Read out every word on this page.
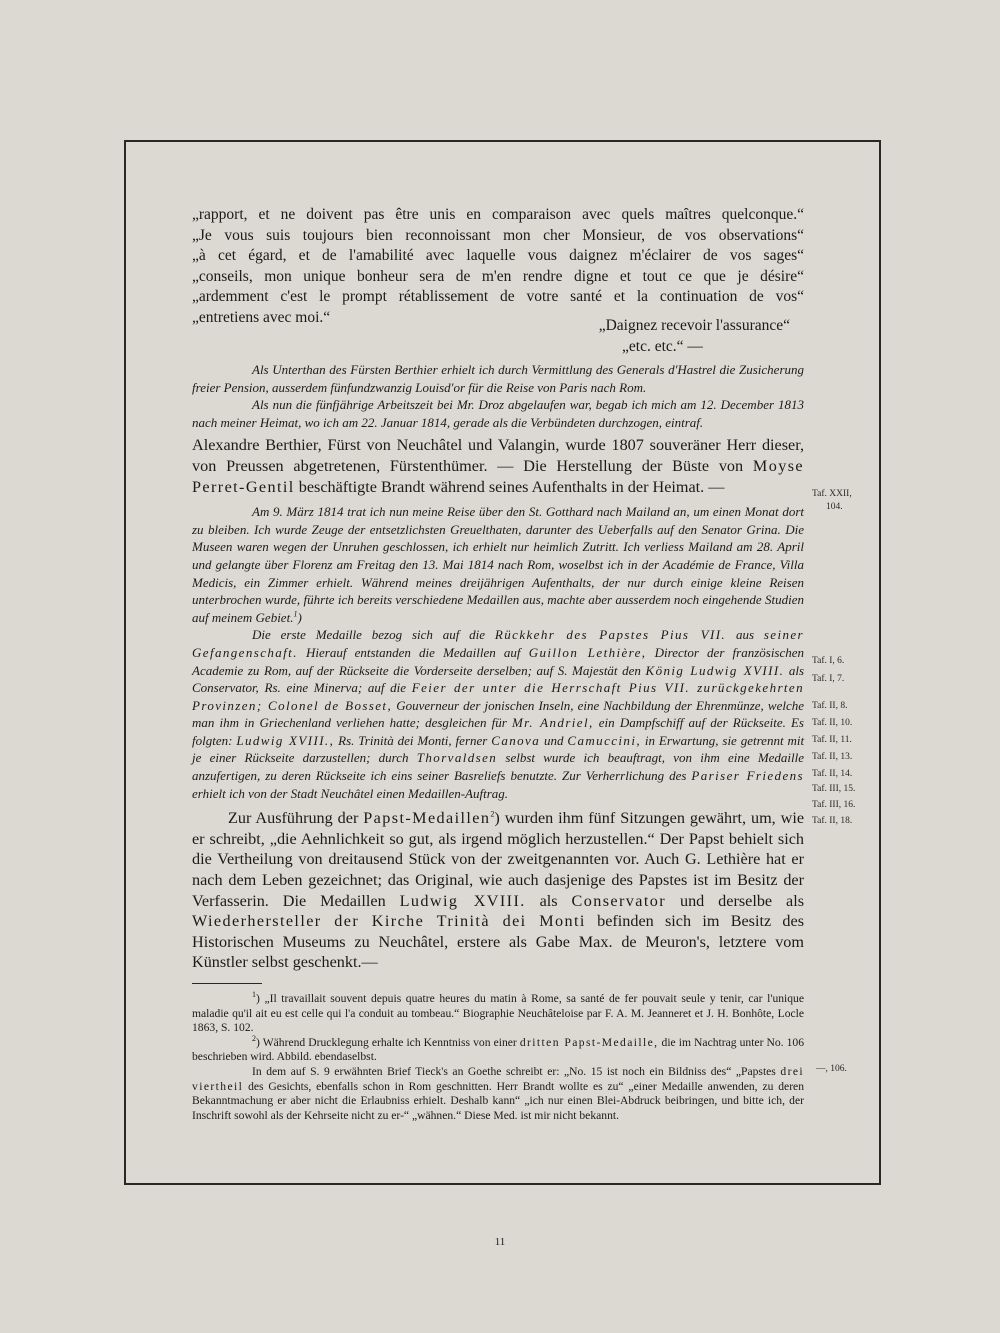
„rapport, et ne doivent pas être unis en comparaison avec quels maîtres quelconque.“
„Je vous suis toujours bien reconnoissant mon cher Monsieur, de vos observations“
„à cet égard, et de l'amabilité avec laquelle vous daignez m'éclairer de vos sages“
„conseils, mon unique bonheur sera de m'en rendre digne et tout ce que je désire“
„ardemment c'est le prompt rétablissement de votre santé et la continuation de vos“
„entretiens avec moi.“	„Daignez recevoir l'assurance“
„etc. etc.“ —

Als Unterthan des Fürsten Berthier erhielt ich durch Vermittlung des Generals d'Hastrel die Zusicherung freier Pension, ausserdem fünfundzwanzig Louisd'or für die Reise von Paris nach Rom.

Als nun die fünfjährige Arbeitszeit bei Mr. Droz abgelaufen war, begab ich mich am 12. December 1813 nach meiner Heimat, wo ich am 22. Januar 1814, gerade als die Verbündeten durchzogen, eintraf.

Alexandre Berthier, Fürst von Neuchâtel und Valangin, wurde 1807 souveräner Herr dieser, von Preussen abgetretenen, Fürstenthümer. — Die Herstellung der Büste von Moyse Perret-Gentil beschäftigte Brandt während seines Aufenthalts in der Heimat. —

Am 9. März 1814 trat ich nun meine Reise über den St. Gotthard nach Mailand an, um einen Monat dort zu bleiben. Ich wurde Zeuge der entsetzlichsten Greuelthaten, darunter des Ueberfalls auf den Senator Grina. Die Museen waren wegen der Unruhen geschlossen, ich erhielt nur heimlich Zutritt. Ich verliess Mailand am 28. April und gelangte über Florenz am Freitag den 13. Mai 1814 nach Rom, woselbst ich in der Académie de France, Villa Medicis, ein Zimmer erhielt. Während meines dreijährigen Aufenthalts, der nur durch einige kleine Reisen unterbrochen wurde, führte ich bereits verschiedene Medaillen aus, machte aber ausserdem noch eingehende Studien auf meinem Gebiet.$^1$)

Die erste Medaille bezog sich auf die Rückkehr des Papstes Pius VII. aus seiner Gefangenschaft. Hierauf entstanden die Medaillen auf Guillon Lethière, Director der französischen Academie zu Rom, auf der Rückseite die Vorderseite derselben; auf S. Majestät den König Ludwig XVIII. als Conservator, Rs. eine Minerva; auf die Feier der unter die Herrschaft Pius VII. zurückgekehrten Provinzen; Colonel de Bosset, Gouverneur der jonischen Inseln, eine Nachbildung der Ehrenmünze, welche man ihm in Griechenland verliehen hatte; desgleichen für Mr. Andriel, ein Dampfschiff auf der Rückseite. Es folgten: Ludwig XVIII., Rs. Trinità dei Monti, ferner Canova und Camuccini, in Erwartung, sie getrennt mit je einer Rückseite darzustellen; durch Thorvaldsen selbst wurde ich beauftragt, von ihm eine Medaille anzufertigen, zu deren Rückseite ich eins seiner Basreliefs benutzte. Zur Verherrlichung des Pariser Friedens erhielt ich von der Stadt Neuchâtel einen Medaillen-Auftrag.

Zur Ausführung der Papst-Medaillen$^2$) wurden ihm fünf Sitzungen gewährt, um, wie er schreibt, „die Aehnlichkeit so gut, als irgend möglich herzustellen.“ Der Papst behielt sich die Vertheilung von dreitausend Stück von der zweitgenannten vor. Auch G. Lethière hat er nach dem Leben gezeichnet; das Original, wie auch dasjenige des Papstes ist im Besitz der Verfasserin. Die Medaillen Ludwig XVIII. als Conservator und derselbe als Wiederhersteller der Kirche Trinità dei Monti befinden sich im Besitz des Historischen Museums zu Neuchâtel, erstere als Gabe Max. de Meuron's, letztere vom Künstler selbst geschenkt.—

$^1$) „Il travaillait souvent depuis quatre heures du matin à Rome, sa santé de fer pouvait seule y tenir, car l'unique maladie qu'il ait eu est celle qui l'a conduit au tombeau.“ Biographie Neuchâteloise par F. A. M. Jeanneret et J. H. Bonhôte, Locle 1863, S. 102.

$^2$) Während Drucklegung erhalte ich Kenntniss von einer dritten Papst-Medaille, die im Nachtrag unter No. 106 beschrieben wird. Abbild. ebendaselbst.

In dem auf S. 9 erwähnten Brief Tieck's an Goethe schreibt er: „No. 15 ist noch ein Bildniss des“ „Papstes drei viertheil des Gesichts, ebenfalls schon in Rom geschnitten. Herr Brandt wollte es zu“ „einer Medaille anwenden, zu deren Bekanntmachung er aber nicht die Erlaubniss erhielt. Deshalb kann“ „ich nur einen Blei-Abdruck beibringen, und bitte ich, der Inschrift sowohl als der Kehrseite nicht zu er-“ „wähnen.“ Diese Med. ist mir nicht bekannt.

Taf. XXII,
104.
Taf. I, 6.
Taf. I, 7.
Taf. II, 8.
Taf. II, 10.
Taf. II, 11.
Taf. II, 13.
Taf. II, 14.
Taf. III, 15.
Taf. III, 16.
Taf. II, 18.
—, 106.
11
